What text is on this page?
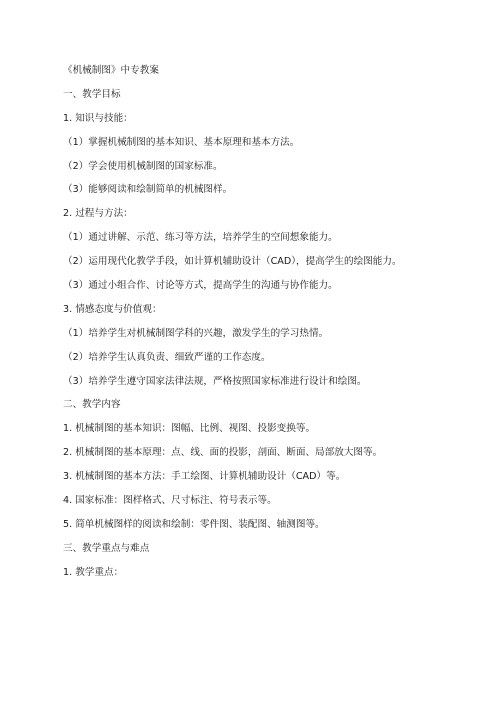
《机械制图》中专教案
一、教学目标
1. 知识与技能：
（1）掌握机械制图的基本知识、基本原理和基本方法。
（2）学会使用机械制图的国家标准。
（3）能够阅读和绘制简单的机械图样。
2. 过程与方法：
（1）通过讲解、示范、练习等方法，培养学生的空间想象能力。
（2）运用现代化教学手段，如计算机辅助设计（CAD），提高学生的绘图能力。
（3）通过小组合作、讨论等方式，提高学生的沟通与协作能力。
3. 情感态度与价值观：
（1）培养学生对机械制图学科的兴趣，激发学生的学习热情。
（2）培养学生认真负责、细致严谨的工作态度。
（3）培养学生遵守国家法律法规，严格按照国家标准进行设计和绘图。
二、教学内容
1. 机械制图的基本知识：图幅、比例、视图、投影变换等。
2. 机械制图的基本原理：点、线、面的投影，剖面、断面、局部放大图等。
3. 机械制图的基本方法：手工绘图、计算机辅助设计（CAD）等。
4. 国家标准：图样格式、尺寸标注、符号表示等。
5. 简单机械图样的阅读和绘制：零件图、装配图、轴测图等。
三、教学重点与难点
1. 教学重点：
